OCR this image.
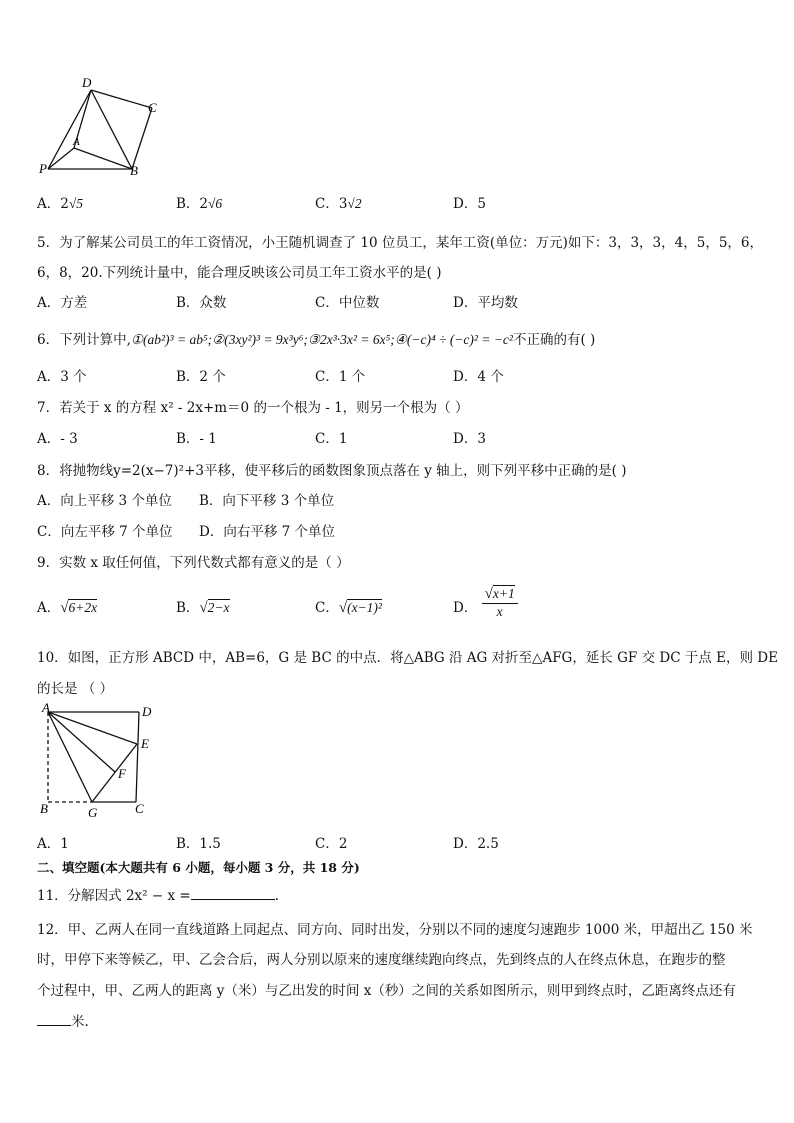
D
C
A
P	B
A．2√5	B．2√6	C．3√2	D．5
5．为了解某公司员工的年工资情况，小王随机调查了 10 位员工，某年工资(单位：万元)如下：3，3，3，4，5，5，6，
6，8，20.下列统计量中，能合理反映该公司员工年工资水平的是( )
A．方差	B．众数	C．中位数	D．平均数
6．下列计算中,①(ab²)³ = ab⁵;②(3xy²)³ = 9x³y⁶;③2x³·3x² = 6x⁵;④(−c)⁴ ÷ (−c)² = −c²不正确的有( )
A．3 个	B．2 个	C．1 个	D．4 个
7．若关于 x 的方程 x² - 2x+m＝0 的一个根为 - 1，则另一个根为（ ）
A．- 3	B．- 1	C．1	D．3
8．将抛物线y=2(x−7)²+3平移，使平移后的函数图象顶点落在 y 轴上，则下列平移中正确的是( )
A．向上平移 3 个单位 B．向下平移 3 个单位
C．向左平移 7 个单位 D．向右平移 7 个单位
9．实数 x 取任何值，下列代数式都有意义的是（ ）
A．√6+2x	B．√2−x	C．√(x−1)²	D． $\frac{√x+1}{x}$
10．如图，正方形 ABCD 中，AB=6，G 是 BC 的中点．将△ABG 沿 AG 对折至△AFG，延长 GF 交 DC 于点 E，则 DE
的长是 （ ）
A	D
E
F
B	G	C
A．1	B．1.5	C．2	D．2.5
二、填空题(本大题共有 6 小题，每小题 3 分，共 18 分)
11．分解因式 2x² − x =	.
12．甲、乙两人在同一直线道路上同起点、同方向、同时出发，分别以不同的速度匀速跑步 1000 米，甲超出乙 150 米
时，甲停下来等候乙，甲、乙会合后，两人分别以原来的速度继续跑向终点，先到终点的人在终点休息，在跑步的整
个过程中，甲、乙两人的距离 y（米）与乙出发的时间 x（秒）之间的关系如图所示，则甲到终点时，乙距离终点还有
米.
